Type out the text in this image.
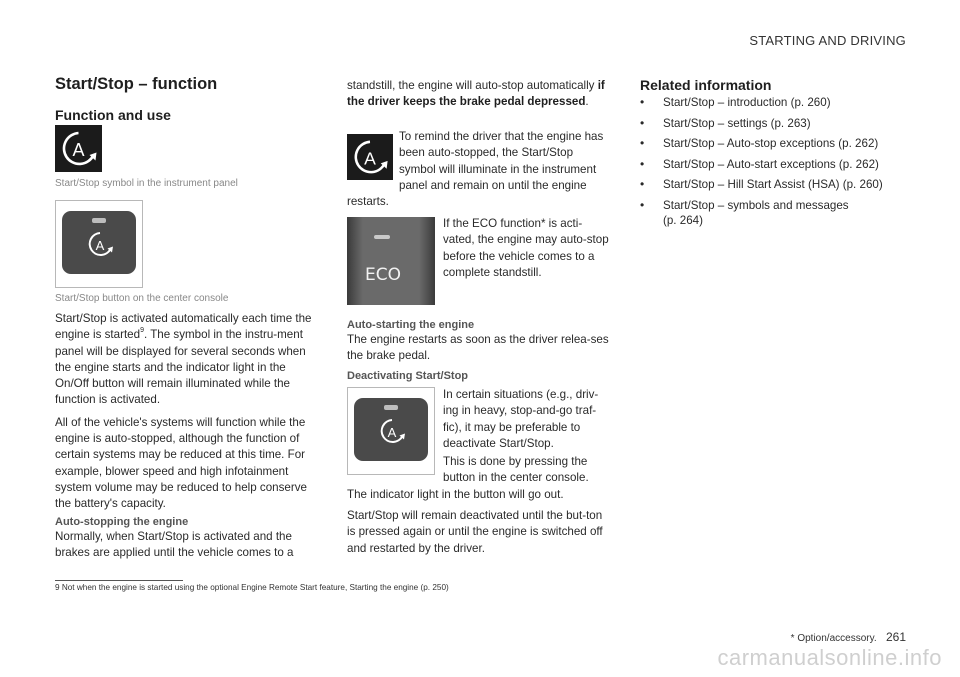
STARTING AND DRIVING
Start/Stop – function
Function and use
A
Start/Stop symbol in the instrument panel
A
Start/Stop button on the center console

Start/Stop is activated automatically each time the engine is started$^9$. The symbol in the instru-ment panel will be displayed for several seconds when the engine starts and the indicator light in the On/Off button will remain illuminated while the function is activated.

All of the vehicle's systems will function while the engine is auto-stopped, although the function of certain systems may be reduced at this time. For example, blower speed and high infotainment system volume may be reduced to help conserve the battery's capacity.

Auto-stopping the engine
Normally, when Start/Stop is activated and the brakes are applied until the vehicle comes to a
standstill, the engine will auto-stop automatically if the driver keeps the brake pedal depressed.
A
To remind the driver that the engine has been auto-stopped, the Start/Stop symbol will illuminate in the instrument panel and remain on until the engine restarts.
ECO
If the ECO function* is acti-vated, the engine may auto-stop before the vehicle comes to a complete standstill.
Auto-starting the engine
The engine restarts as soon as the driver relea-ses the brake pedal.
Deactivating Start/Stop
A
In certain situations (e.g., driv-ing in heavy, stop-and-go traf-fic), it may be preferable to deactivate Start/Stop.
This is done by pressing the button in the center console. The indicator light in the button will go out.
Start/Stop will remain deactivated until the but-ton is pressed again or until the engine is switched off and restarted by the driver.
Related information
• Start/Stop – introduction (p. 260)
• Start/Stop – settings (p. 263)
• Start/Stop – Auto-stop exceptions (p. 262)
• Start/Stop – Auto-start exceptions (p. 262)
• Start/Stop – Hill Start Assist (HSA) (p. 260)
• Start/Stop – symbols and messages (p. 264)
9 Not when the engine is started using the optional Engine Remote Start feature, Starting the engine (p. 250)
* Option/accessory. 261
carmanualsonline.info
